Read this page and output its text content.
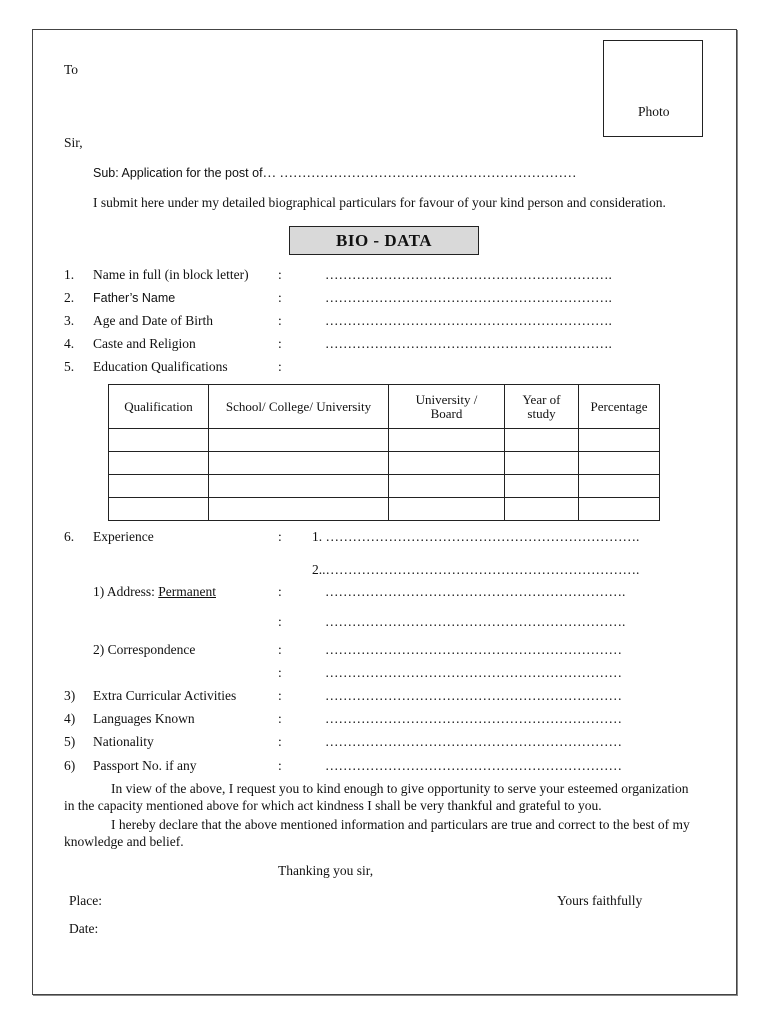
To
Photo
Sir,
Sub: Application for the post of… …………………………………………………………
I submit here under my detailed biographical particulars for favour of your kind person and consideration.
BIO - DATA
1. Name in full (in block letter) :	……………………………………………………….
2. Father’s Name	:	……………………………………………………….
3. Age and Date of Birth	:	……………………………………………………….
4. Caste and Religion	:	……………………………………………………….
5. Education Qualifications	:
Qualification	School/ College/ University	University / Board	Year of study	Percentage

6. Experience	: 1. …………………………………………………………….
2..…………………………………………………………….
1) Address: Permanent	:	………………………………………………………….
:	………………………………………………………….
2) Correspondence	:	…………………………………………………………
:	…………………………………………………………
3) Extra Curricular Activities	:	…………………………………………………………
4) Languages Known	:	…………………………………………………………
5) Nationality	:	…………………………………………………………
6) Passport No. if any	:	…………………………………………………………
In view of the above, I request you to kind enough to give opportunity to serve your esteemed organization
in the capacity mentioned above for which act kindness I shall be very thankful and grateful to you.
I hereby declare that the above mentioned information and particulars are true and correct to the best of my
knowledge and belief.
Thanking you sir,
Place:	Yours faithfully
Date:
